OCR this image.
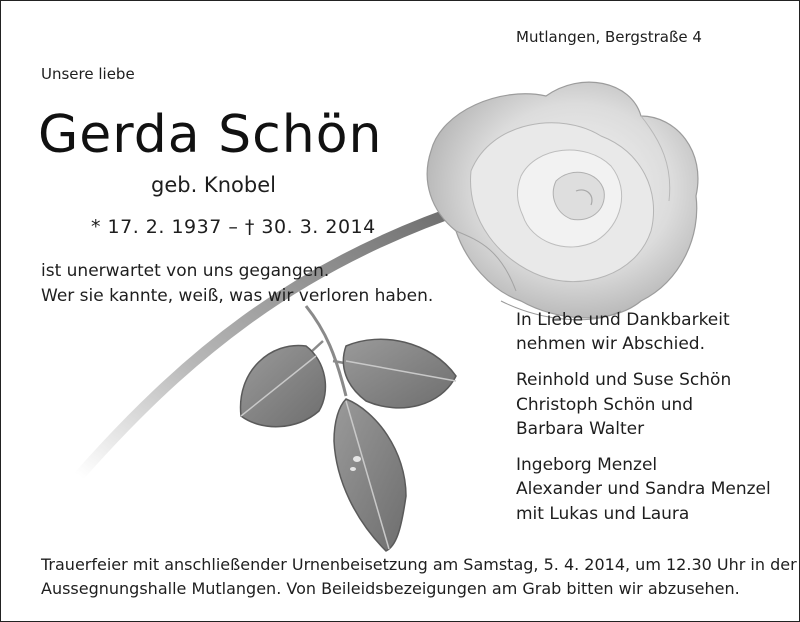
Mutlangen, Bergstraße 4
Unsere liebe
Gerda Schön
geb. Knobel
* 17. 2. 1937 – † 30. 3. 2014
ist unerwartet von uns gegangen.
Wer sie kannte, weiß, was wir verloren haben.
In Liebe und Dankbarkeit
nehmen wir Abschied.
Reinhold und Suse Schön
Christoph Schön und
Barbara Walter
Ingeborg Menzel
Alexander und Sandra Menzel
mit Lukas und Laura
Trauerfeier mit anschließender Urnenbeisetzung am Samstag, 5. 4. 2014, um 12.30 Uhr in der
Aussegnungshalle Mutlangen. Von Beileidsbezeigungen am Grab bitten wir abzusehen.
